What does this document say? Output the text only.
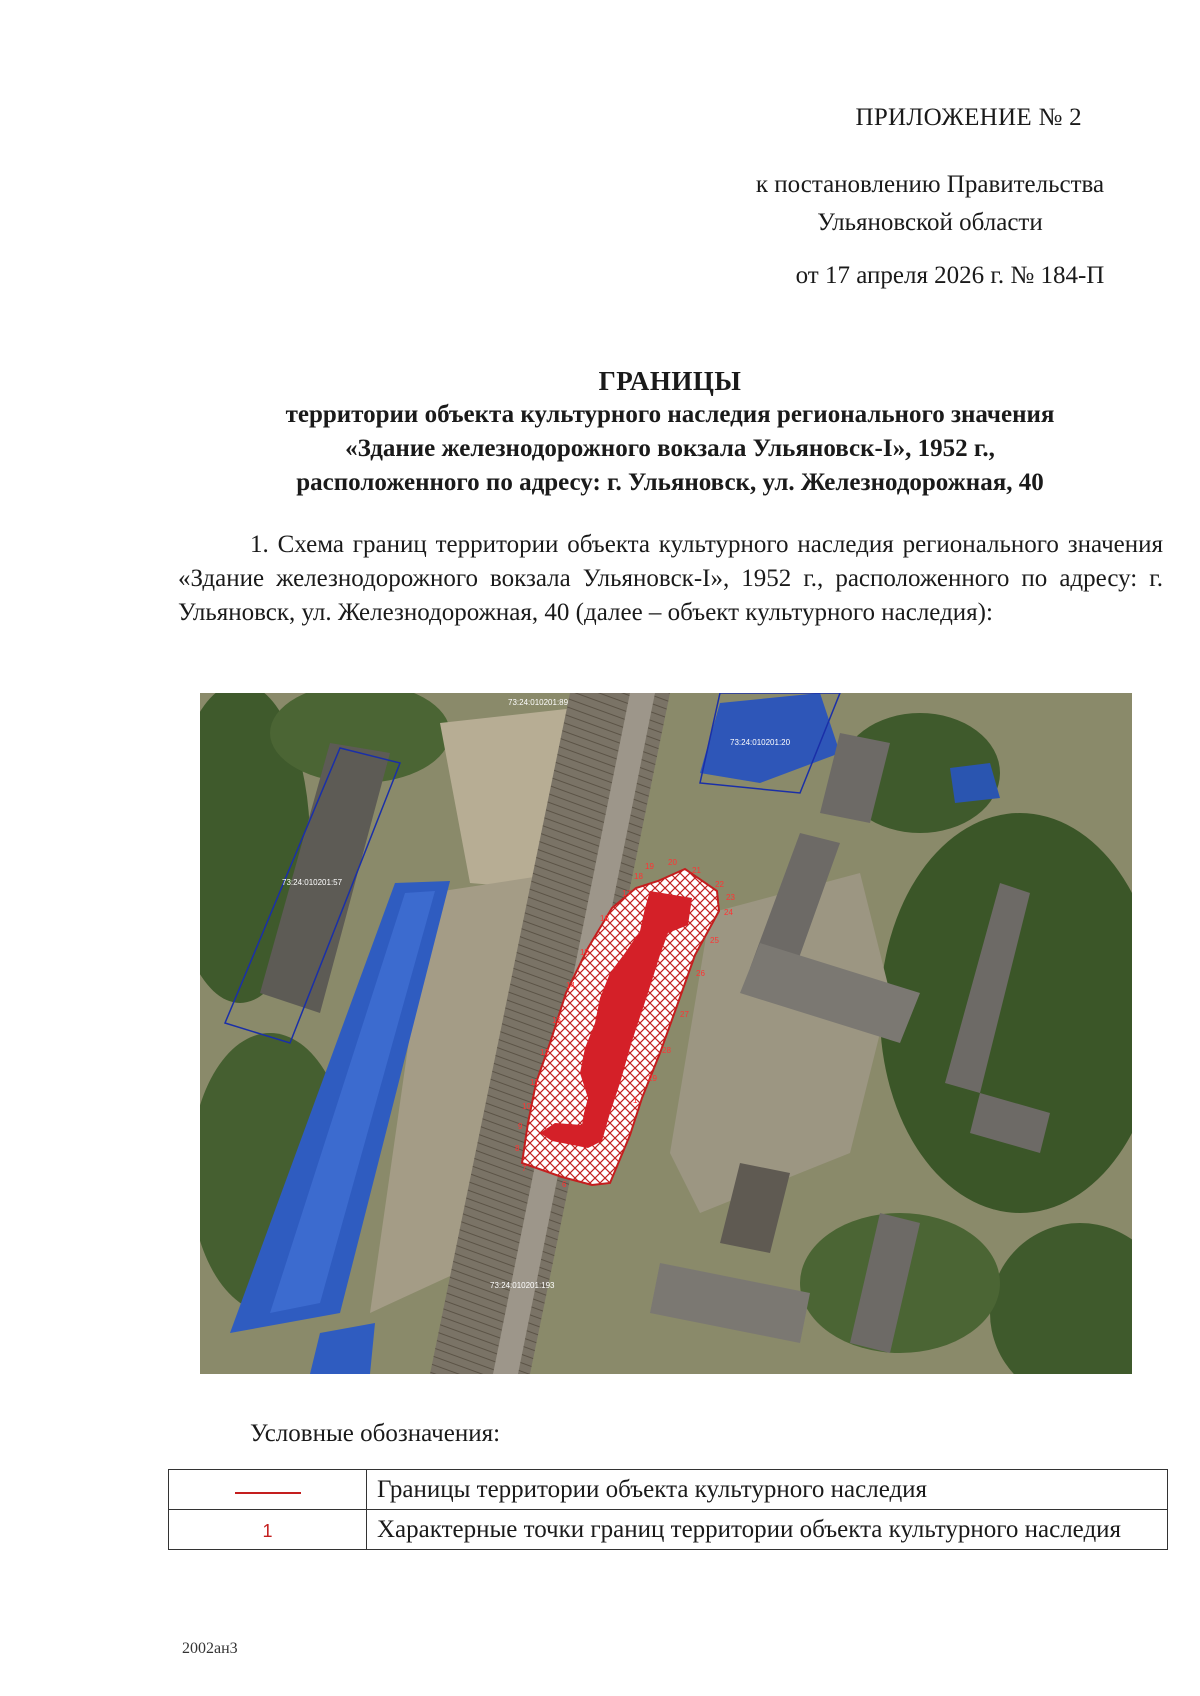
ПРИЛОЖЕНИЕ № 2
к постановлению Правительства
Ульяновской области
от 17 апреля 2026 г. № 184-П
ГРАНИЦЫ
территории объекта культурного наследия регионального значения
«Здание железнодорожного вокзала Ульяновск-I», 1952 г.,
расположенного по адресу: г. Ульяновск, ул. Железнодорожная, 40
1. Схема границ территории объекта культурного наследия регионального значения «Здание железнодорожного вокзала Ульяновск-I», 1952 г., расположенного по адресу: г. Ульяновск, ул. Железнодорожная, 40 (далее – объект культурного наследия):
73:24:010201:89
73:24:010201:20
73:24:010201:57
73:24:010201:193
1
6
7
8
9
10
11
12
13
14
15
16
17
18
19 20
21
22
23
24
25
26
27
28
29
Условные обозначения:
	Границы территории объекта культурного наследия
1	Характерные точки границ территории объекта культурного наследия
2002ан3
